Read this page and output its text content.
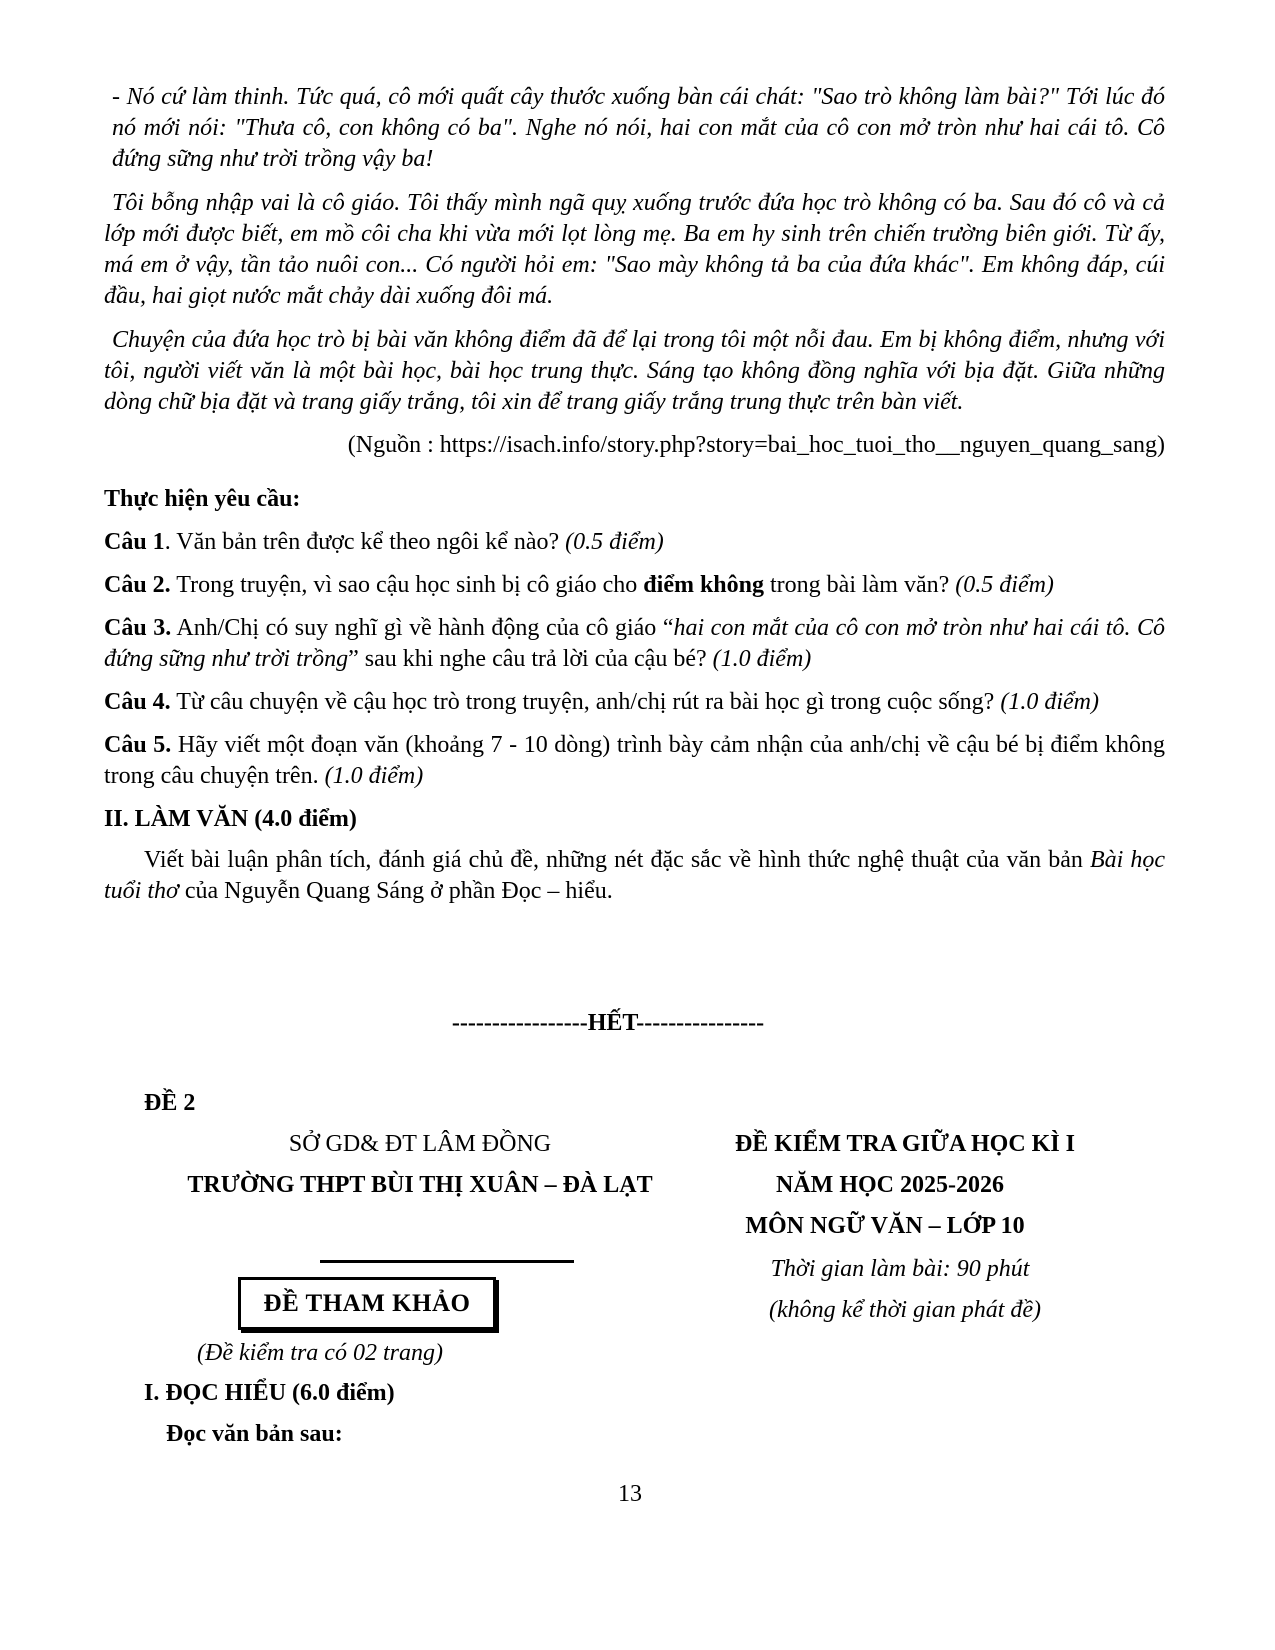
- Nó cứ làm thinh. Tức quá, cô mới quất cây thước xuống bàn cái chát: "Sao trò không làm bài?" Tới lúc đó nó mới nói: "Thưa cô, con không có ba". Nghe nó nói, hai con mắt của cô con mở tròn như hai cái tô. Cô đứng sững như trời trồng vậy ba!

Tôi bỗng nhập vai là cô giáo. Tôi thấy mình ngã quỵ xuống trước đứa học trò không có ba. Sau đó cô và cả lớp mới được biết, em mồ côi cha khi vừa mới lọt lòng mẹ. Ba em hy sinh trên chiến trường biên giới. Từ ấy, má em ở vậy, tần tảo nuôi con... Có người hỏi em: "Sao mày không tả ba của đứa khác". Em không đáp, cúi đầu, hai giọt nước mắt chảy dài xuống đôi má.

Chuyện của đứa học trò bị bài văn không điểm đã để lại trong tôi một nỗi đau. Em bị không điểm, nhưng với tôi, người viết văn là một bài học, bài học trung thực. Sáng tạo không đồng nghĩa với bịa đặt. Giữa những dòng chữ bịa đặt và trang giấy trắng, tôi xin để trang giấy trắng trung thực trên bàn viết.

(Nguồn : https://isach.info/story.php?story=bai_hoc_tuoi_tho__nguyen_quang_sang)

Thực hiện yêu cầu:

Câu 1. Văn bản trên được kể theo ngôi kể nào? (0.5 điểm)

Câu 2. Trong truyện, vì sao cậu học sinh bị cô giáo cho điểm không trong bài làm văn? (0.5 điểm)

Câu 3. Anh/Chị có suy nghĩ gì về hành động của cô giáo “hai con mắt của cô con mở tròn như hai cái tô. Cô đứng sững như trời trồng” sau khi nghe câu trả lời của cậu bé? (1.0 điểm)

Câu 4. Từ câu chuyện về cậu học trò trong truyện, anh/chị rút ra bài học gì trong cuộc sống? (1.0 điểm)

Câu 5. Hãy viết một đoạn văn (khoảng 7 - 10 dòng) trình bày cảm nhận của anh/chị về cậu bé bị điểm không trong câu chuyện trên. (1.0 điểm)

II. LÀM VĂN (4.0 điểm)

Viết bài luận phân tích, đánh giá chủ đề, những nét đặc sắc về hình thức nghệ thuật của văn bản Bài học tuổi thơ của Nguyễn Quang Sáng ở phần Đọc – hiểu.

-----------------HẾT----------------
ĐỀ 2
SỞ GD& ĐT LÂM ĐỒNG
TRƯỜNG THPT BÙI THỊ XUÂN – ĐÀ LẠT
ĐỀ THAM KHẢO
ĐỀ KIỂM TRA GIỮA HỌC KÌ I
NĂM HỌC 2025-2026
MÔN NGỮ VĂN – LỚP 10
Thời gian làm bài: 90 phút
(không kể thời gian phát đề)
(Đề kiểm tra có 02 trang)
I. ĐỌC HIỂU (6.0 điểm)
Đọc văn bản sau:
13
